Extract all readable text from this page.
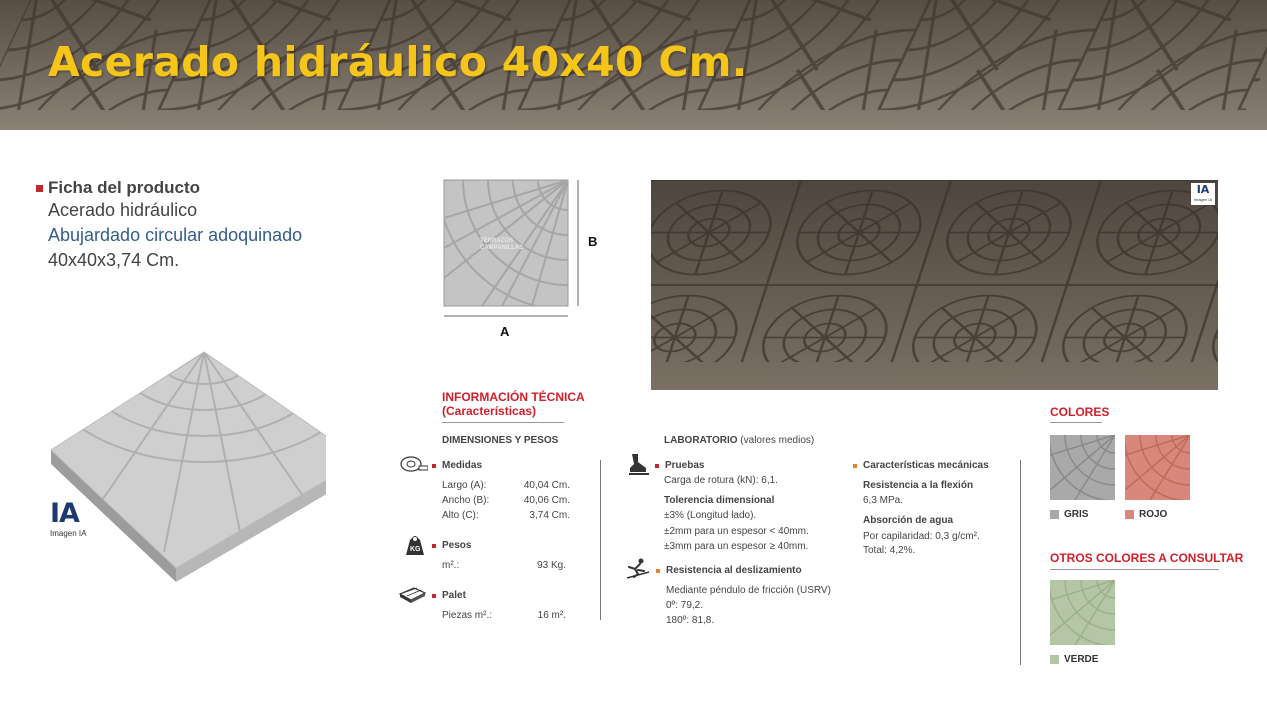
Acerado hidráulico 40x40 Cm.
Ficha del producto
Acerado hidráulico
Abujardado circular adoquinado
40x40x3,74 Cm.
IA
Imagen IA
TERRAZOS
CAMPANILLAS
A
B
IA
Imagen IA
INFORMACIÓN TÉCNICA
(Características)
DIMENSIONES Y PESOS
Medidas
Largo (A):	40,04 Cm.
Ancho (B):	40,06 Cm.
Alto (C):	3,74 Cm.
KG Pesos
m².:	93 Kg.
Palet
Piezas m².:	16 m².
LABORATORIO (valores medios)
Pruebas
Carga de rotura (kN): 6,1.
Tolerencia dimensional
±3% (Longitud lado).
±2mm para un espesor < 40mm.
±3mm para un espesor ≥ 40mm.
Resistencia al deslizamiento
Mediante péndulo de fricción (USRV)
0º: 79,2.
180º: 81,8.
Características mecánicas
Resistencia a la flexión
6,3 MPa.
Absorción de agua
Por capilaridad: 0,3 g/cm².
Total: 4,2%.
COLORES
GRIS	ROJO
OTROS COLORES A CONSULTAR
VERDE
